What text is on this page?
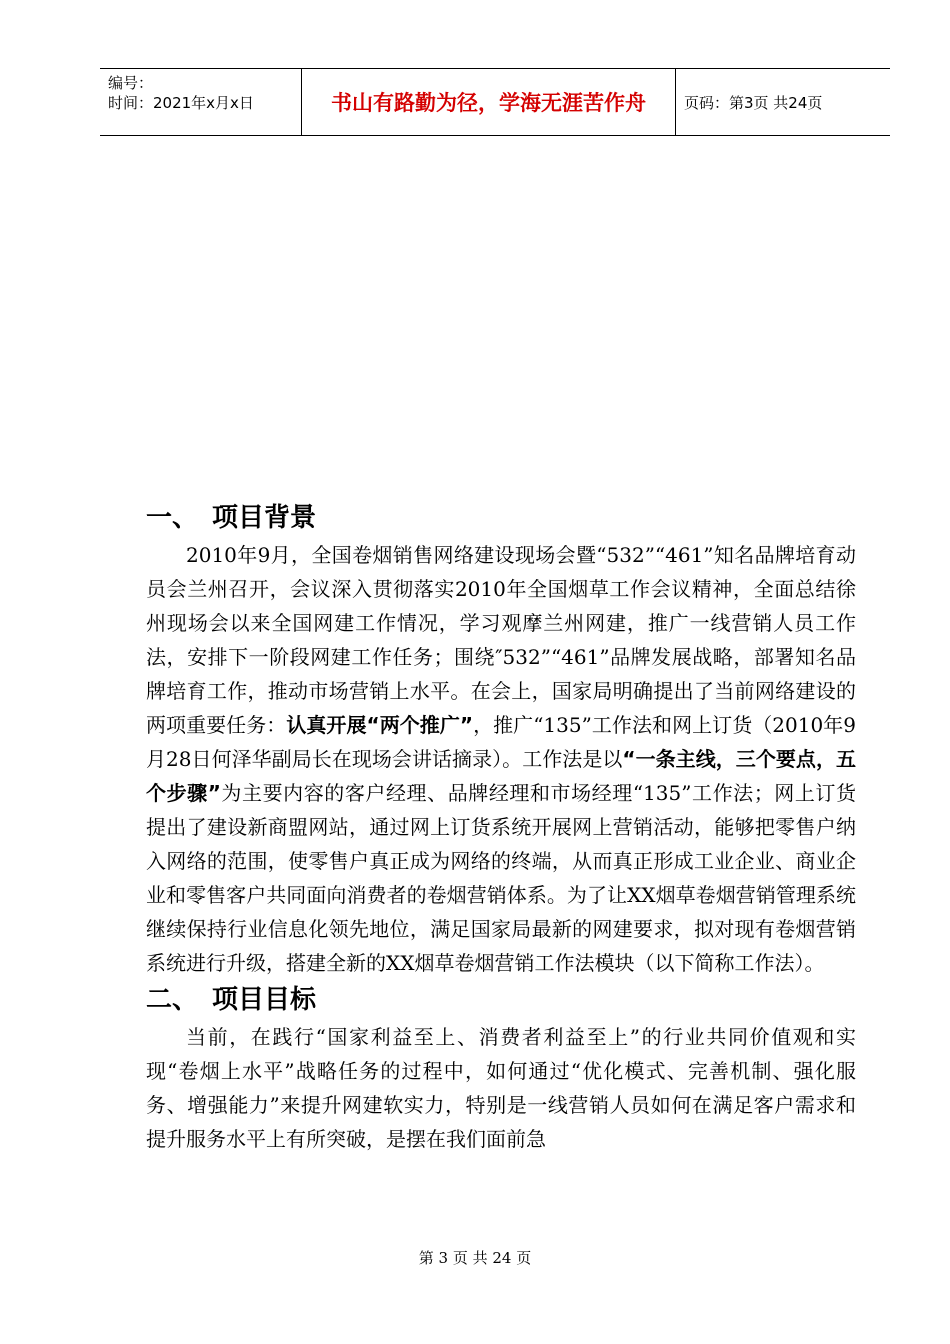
编号：
时间：2021年x月x日	书山有路勤为径，学海无涯苦作舟	页码：第3页 共24页
一、 项目背景

2010年9月，全国卷烟销售网络建设现场会暨“532”“461”知名品牌培育动员会兰州召开，会议深入贯彻落实2010年全国烟草工作会议精神，全面总结徐州现场会以来全国网建工作情况，学习观摩兰州网建，推广一线营销人员工作法，安排下一阶段网建工作任务；围绕″532”“461”品牌发展战略，部署知名品牌培育工作，推动市场营销上水平。在会上，国家局明确提出了当前网络建设的两项重要任务：认真开展“两个推广”，推广“135”工作法和网上订货（2010年9月28日何泽华副局长在现场会讲话摘录）。工作法是以“一条主线，三个要点，五个步骤”为主要内容的客户经理、品牌经理和市场经理“135”工作法；网上订货提出了建设新商盟网站，通过网上订货系统开展网上营销活动，能够把零售户纳入网络的范围，使零售户真正成为网络的终端，从而真正形成工业企业、商业企业和零售客户共同面向消费者的卷烟营销体系。为了让XX烟草卷烟营销管理系统继续保持行业信息化领先地位，满足国家局最新的网建要求，拟对现有卷烟营销系统进行升级，搭建全新的XX烟草卷烟营销工作法模块（以下简称工作法）。

二、 项目目标

当前，在践行“国家利益至上、消费者利益至上”的行业共同价值观和实现“卷烟上水平”战略任务的过程中，如何通过“优化模式、完善机制、强化服务、增强能力”来提升网建软实力，特别是一线营销人员如何在满足客户需求和提升服务水平上有所突破，是摆在我们面前急

第 3 页 共 24 页
